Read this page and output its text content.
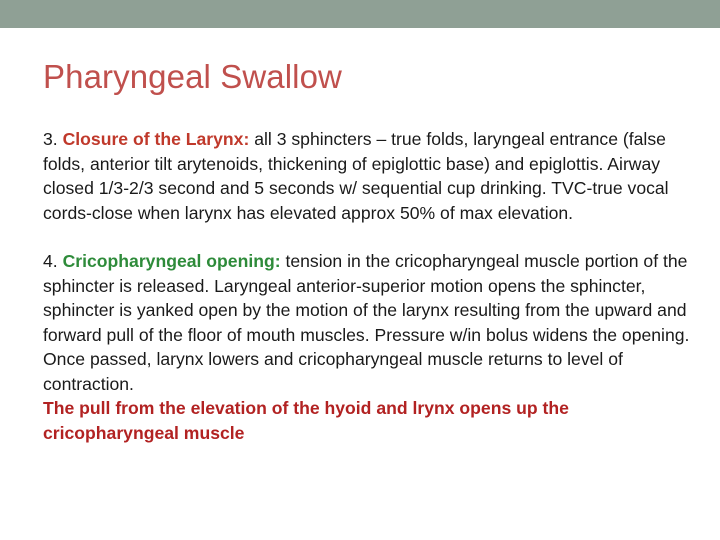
Pharyngeal Swallow

3. Closure of the Larynx: all 3 sphincters – true folds, laryngeal entrance (false folds, anterior tilt arytenoids, thickening of epiglottic base) and epiglottis. Airway closed 1/3-2/3 second and 5 seconds w/ sequential cup drinking. TVC-true vocal cords-close when larynx has elevated approx 50% of max elevation.

4. Cricopharyngeal opening: tension in the cricopharyngeal muscle portion of the sphincter is released. Laryngeal anterior-superior motion opens the sphincter, sphincter is yanked open by the motion of the larynx resulting from the upward and forward pull of the floor of mouth muscles. Pressure w/in bolus widens the opening. Once passed, larynx lowers and cricopharyngeal muscle returns to level of contraction.

The pull from the elevation of the hyoid and lrynx opens up the cricopharyngeal muscle
